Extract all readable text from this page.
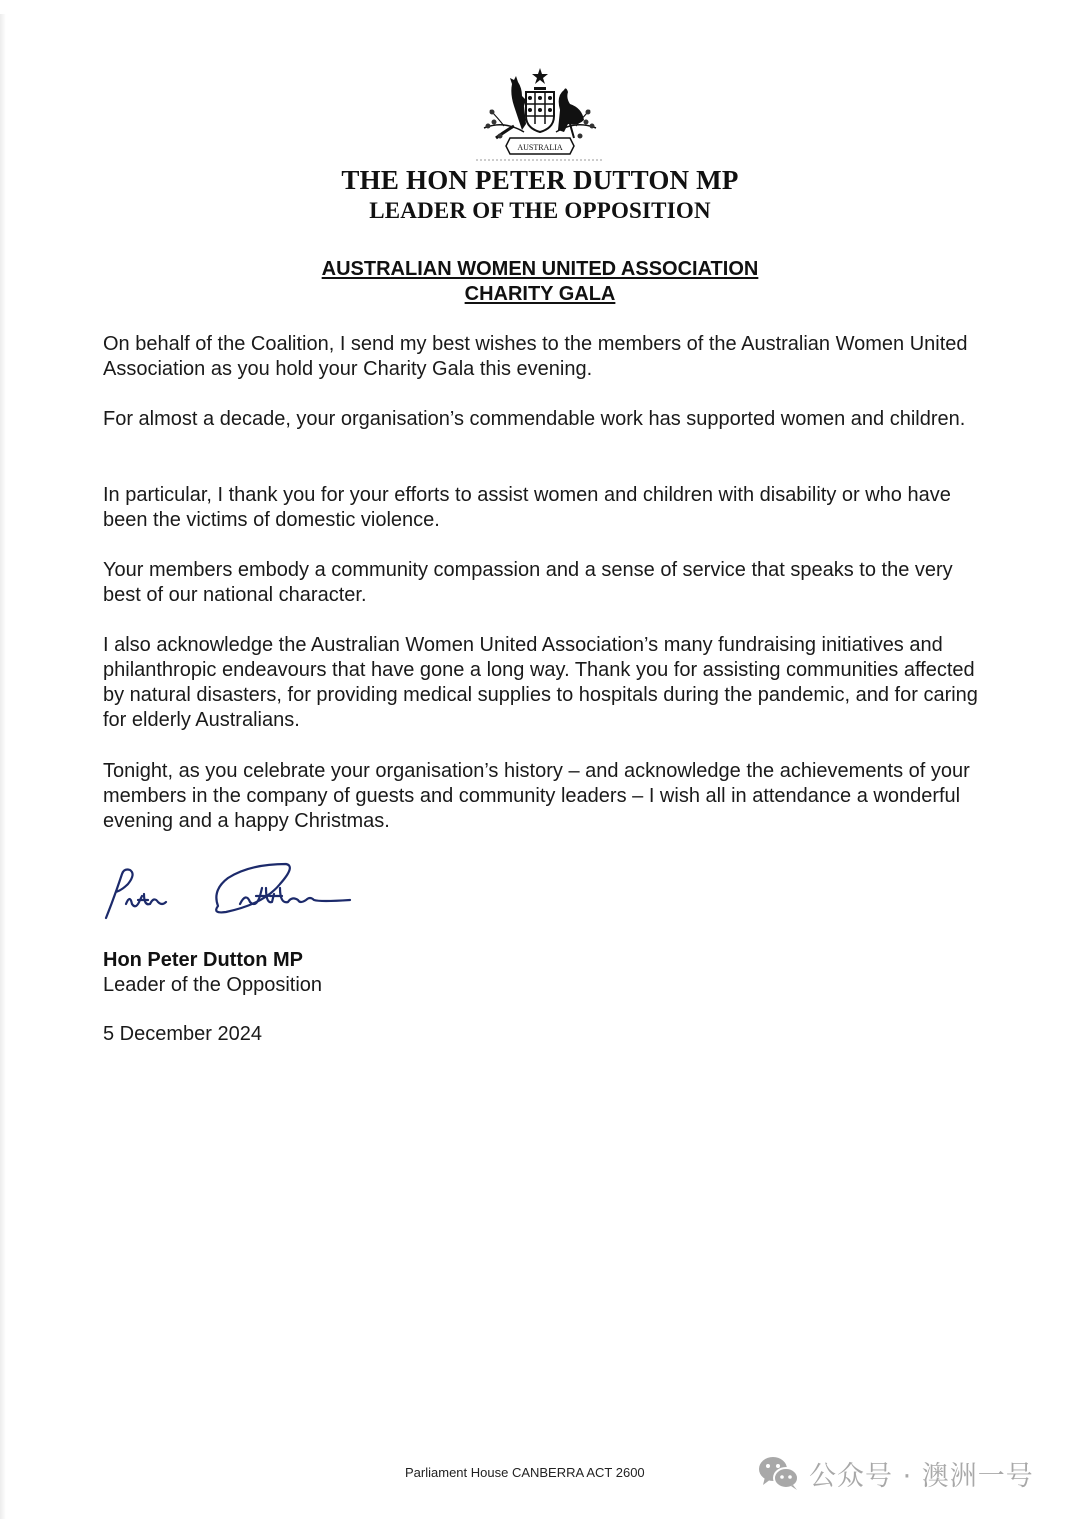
AUSTRALIA
THE HON PETER DUTTON MP
LEADER OF THE OPPOSITION
AUSTRALIAN WOMEN UNITED ASSOCIATION
CHARITY GALA
On behalf of the Coalition, I send my best wishes to the members of the Australian Women United Association as you hold your Charity Gala this evening.
For almost a decade, your organisation’s commendable work has supported women and children.
In particular, I thank you for your efforts to assist women and children with disability or who have been the victims of domestic violence.
Your members embody a community compassion and a sense of service that speaks to the very best of our national character.
I also acknowledge the Australian Women United Association’s many fundraising initiatives and philanthropic endeavours that have gone a long way. Thank you for assisting communities affected by natural disasters, for providing medical supplies to hospitals during the pandemic, and for caring for elderly Australians.
Tonight, as you celebrate your organisation’s history – and acknowledge the achievements of your members in the company of guests and community leaders – I wish all in attendance a wonderful evening and a happy Christmas.
Hon Peter Dutton MP
Leader of the Opposition
5 December 2024
Parliament House CANBERRA ACT 2600	公众号 · 澳洲一号
